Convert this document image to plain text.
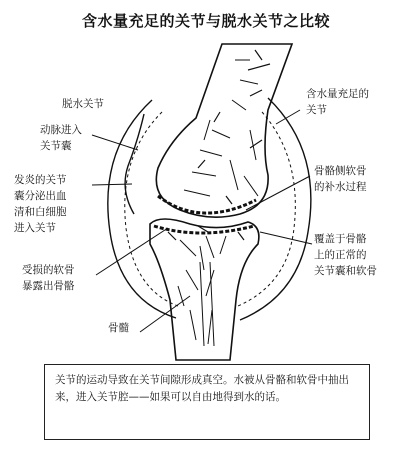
含水量充足的关节与脱水关节之比较
脱水关节
含水量充足的
关节
动脉进入
关节囊
发炎的关节
囊分泌出血
清和白细胞
进入关节
受损的软骨
暴露出骨骼
骨髓
骨骼侧软骨
的补水过程
覆盖于骨骼
上的正常的
关节囊和软骨
关节的运动导致在关节间隙形成真空。水被从骨骼和软骨中抽出来，进入关节腔——如果可以自由地得到水的话。
